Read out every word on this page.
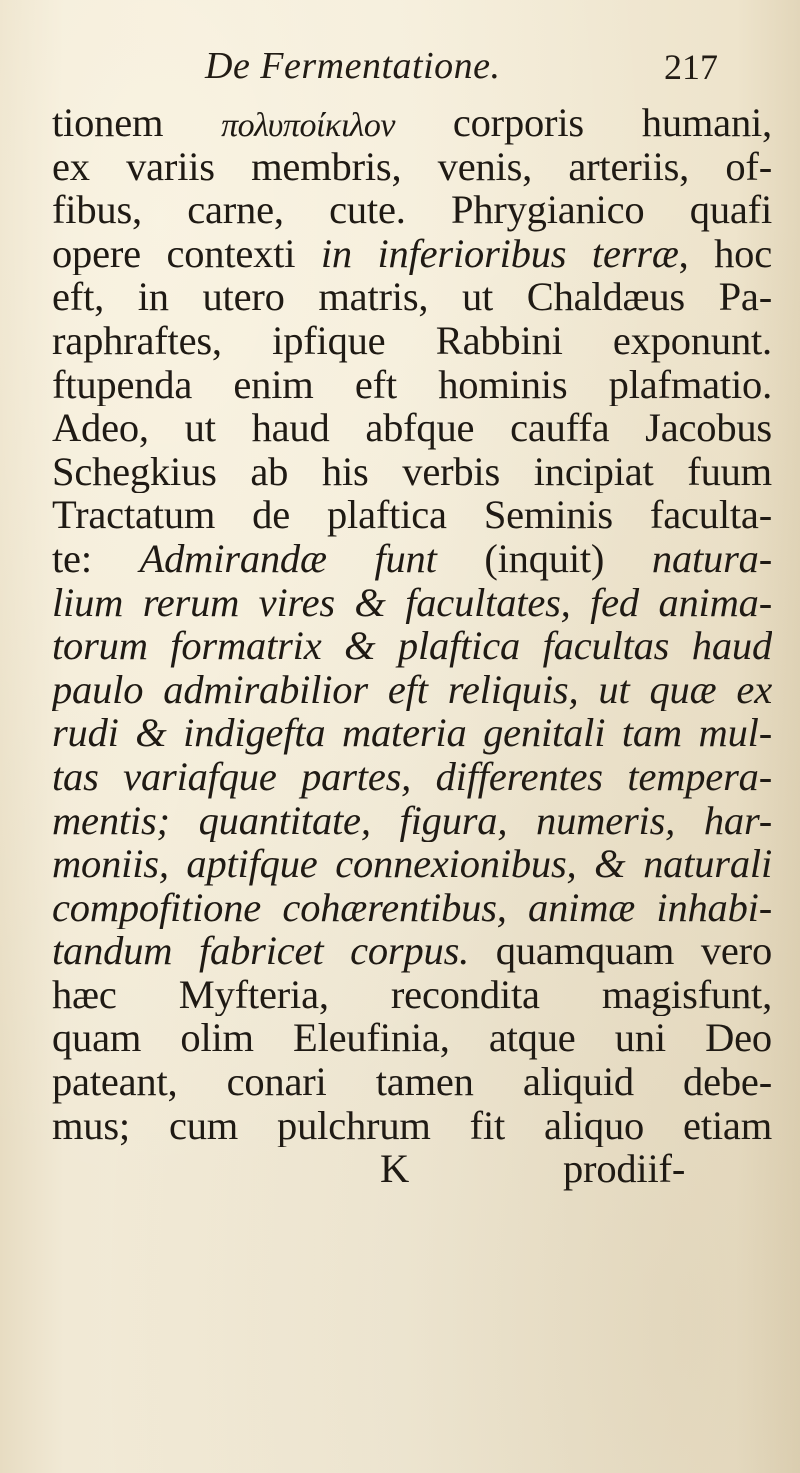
De Fermentatione.	217
tionem πολυποίκιλον corporis humani,
ex variis membris, venis, arteriis, of-
fibus, carne, cute. Phrygianico quafi
opere contexti in inferioribus terræ, hoc
eft, in utero matris, ut Chaldæus Pa-
raphraftes, ipfique Rabbini exponunt.
ftupenda enim eft hominis plafmatio.
Adeo, ut haud abfque cauffa Jacobus
Schegkius ab his verbis incipiat fuum
Tractatum de plaftica Seminis faculta-
te: Admirandæ funt (inquit) natura-
lium rerum vires & facultates, fed anima-
torum formatrix & plaftica facultas haud
paulo admirabilior eft reliquis, ut quæ ex
rudi & indigefta materia genitali tam mul-
tas variafque partes, differentes tempera-
mentis; quantitate, figura, numeris, har-
moniis, aptifque connexionibus, & naturali
compofitione cohærentibus, animæ inhabi-
tandum fabricet corpus. quamquam vero
hæc Myfteria, recondita magisfunt,
quam olim Eleufinia, atque uni Deo
pateant, conari tamen aliquid debe-
mus; cum pulchrum fit aliquo etiam
K	prodiif-
